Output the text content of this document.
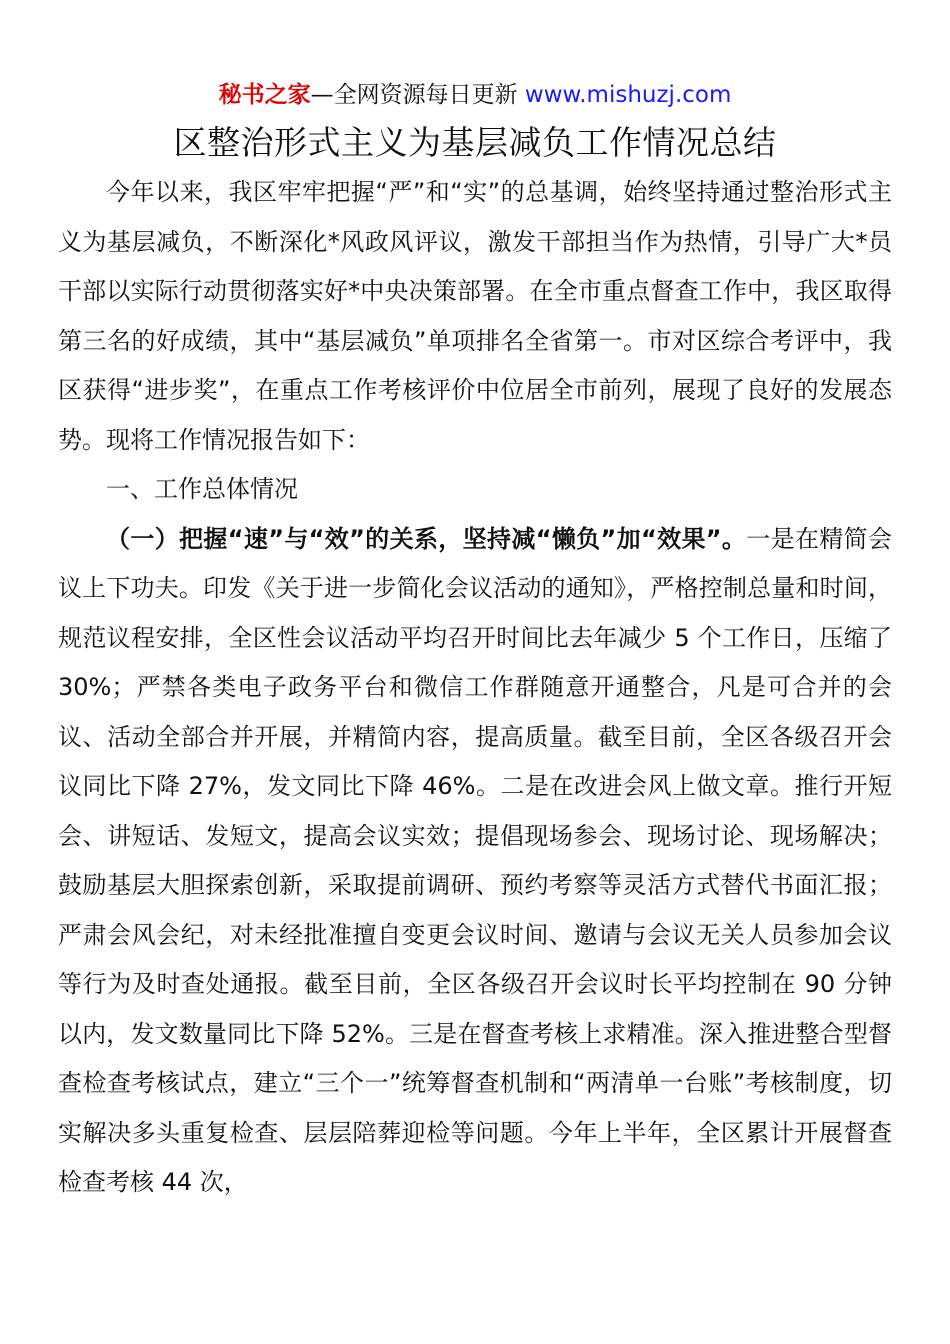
秘书之家—全网资源每日更新 www.mishuzj.com
区整治形式主义为基层减负工作情况总结

今年以来，我区牢牢把握“严”和“实”的总基调，始终坚持通过整治形式主义为基层减负，不断深化*风政风评议，激发干部担当作为热情，引导广大*员干部以实际行动贯彻落实好*中央决策部署。在全市重点督查工作中，我区取得第三名的好成绩，其中“基层减负”单项排名全省第一。市对区综合考评中，我区获得“进步奖”，在重点工作考核评价中位居全市前列，展现了良好的发展态势。现将工作情况报告如下：

一、工作总体情况

（一）把握“速”与“效”的关系，坚持减“懒负”加“效果”。一是在精简会议上下功夫。印发《关于进一步简化会议活动的通知》，严格控制总量和时间，规范议程安排，全区性会议活动平均召开时间比去年减少 5 个工作日，压缩了 30%；严禁各类电子政务平台和微信工作群随意开通整合，凡是可合并的会议、活动全部合并开展，并精简内容，提高质量。截至目前，全区各级召开会议同比下降 27%，发文同比下降 46%。二是在改进会风上做文章。推行开短会、讲短话、发短文，提高会议实效；提倡现场参会、现场讨论、现场解决；鼓励基层大胆探索创新，采取提前调研、预约考察等灵活方式替代书面汇报；严肃会风会纪，对未经批准擅自变更会议时间、邀请与会议无关人员参加会议等行为及时查处通报。截至目前，全区各级召开会议时长平均控制在 90 分钟以内，发文数量同比下降 52%。三是在督查考核上求精准。深入推进整合型督查检查考核试点，建立“三个一”统筹督查机制和“两清单一台账”考核制度，切实解决多头重复检查、层层陪葬迎检等问题。今年上半年，全区累计开展督查检查考核 44 次，
